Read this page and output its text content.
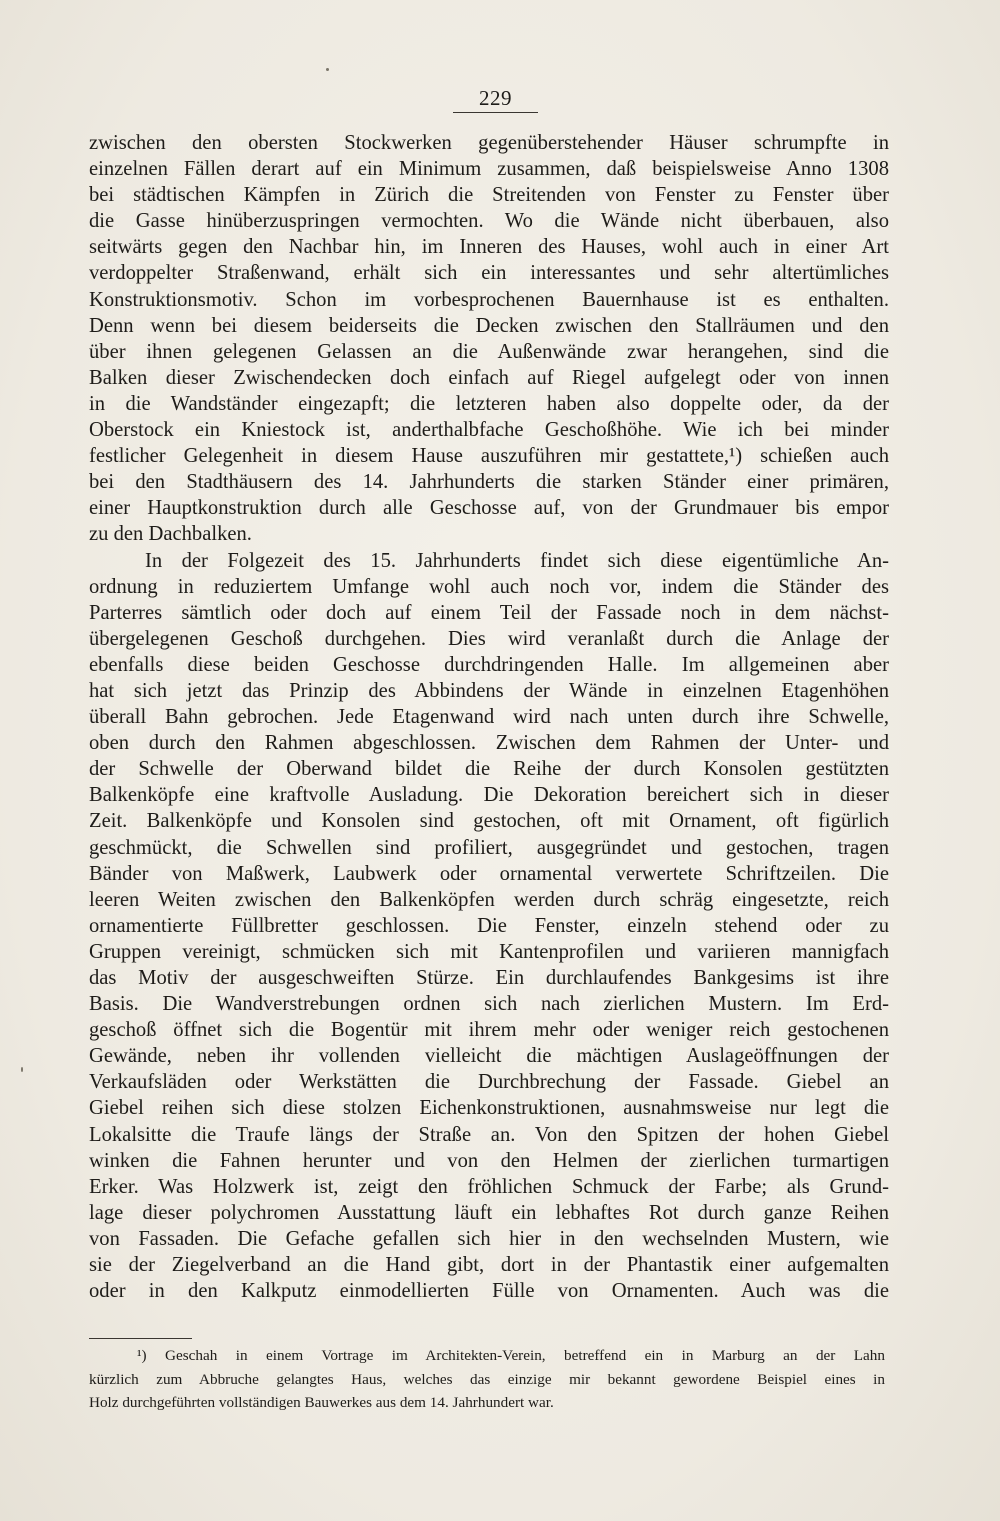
229
zwischen den obersten Stockwerken gegenüberstehender Häuser schrumpfte in
einzelnen Fällen derart auf ein Minimum zusammen, daß beispielsweise Anno 1308
bei städtischen Kämpfen in Zürich die Streitenden von Fenster zu Fenster über
die Gasse hinüberzuspringen vermochten. Wo die Wände nicht überbauen, also
seitwärts gegen den Nachbar hin, im Inneren des Hauses, wohl auch in einer Art
verdoppelter Straßenwand, erhält sich ein interessantes und sehr altertümliches
Konstruktionsmotiv. Schon im vorbesprochenen Bauernhause ist es enthalten.
Denn wenn bei diesem beiderseits die Decken zwischen den Stallräumen und den
über ihnen gelegenen Gelassen an die Außenwände zwar herangehen, sind die
Balken dieser Zwischendecken doch einfach auf Riegel aufgelegt oder von innen
in die Wandständer eingezapft; die letzteren haben also doppelte oder, da der
Oberstock ein Kniestock ist, anderthalbfache Geschoßhöhe. Wie ich bei minder
festlicher Gelegenheit in diesem Hause auszuführen mir gestattete,¹) schießen auch
bei den Stadthäusern des 14. Jahrhunderts die starken Ständer einer primären,
einer Hauptkonstruktion durch alle Geschosse auf, von der Grundmauer bis empor
zu den Dachbalken.
In der Folgezeit des 15. Jahrhunderts findet sich diese eigentümliche An-
ordnung in reduziertem Umfange wohl auch noch vor, indem die Ständer des
Parterres sämtlich oder doch auf einem Teil der Fassade noch in dem nächst-
übergelegenen Geschoß durchgehen. Dies wird veranlaßt durch die Anlage der
ebenfalls diese beiden Geschosse durchdringenden Halle. Im allgemeinen aber
hat sich jetzt das Prinzip des Abbindens der Wände in einzelnen Etagenhöhen
überall Bahn gebrochen. Jede Etagenwand wird nach unten durch ihre Schwelle,
oben durch den Rahmen abgeschlossen. Zwischen dem Rahmen der Unter- und
der Schwelle der Oberwand bildet die Reihe der durch Konsolen gestützten
Balkenköpfe eine kraftvolle Ausladung. Die Dekoration bereichert sich in dieser
Zeit. Balkenköpfe und Konsolen sind gestochen, oft mit Ornament, oft figürlich
geschmückt, die Schwellen sind profiliert, ausgegründet und gestochen, tragen
Bänder von Maßwerk, Laubwerk oder ornamental verwertete Schriftzeilen. Die
leeren Weiten zwischen den Balkenköpfen werden durch schräg eingesetzte, reich
ornamentierte Füllbretter geschlossen. Die Fenster, einzeln stehend oder zu
Gruppen vereinigt, schmücken sich mit Kantenprofilen und variieren mannigfach
das Motiv der ausgeschweiften Stürze. Ein durchlaufendes Bankgesims ist ihre
Basis. Die Wandverstrebungen ordnen sich nach zierlichen Mustern. Im Erd-
geschoß öffnet sich die Bogentür mit ihrem mehr oder weniger reich gestochenen
Gewände, neben ihr vollenden vielleicht die mächtigen Auslageöffnungen der
Verkaufsläden oder Werkstätten die Durchbrechung der Fassade. Giebel an
Giebel reihen sich diese stolzen Eichenkonstruktionen, ausnahmsweise nur legt die
Lokalsitte die Traufe längs der Straße an. Von den Spitzen der hohen Giebel
winken die Fahnen herunter und von den Helmen der zierlichen turmartigen
Erker. Was Holzwerk ist, zeigt den fröhlichen Schmuck der Farbe; als Grund-
lage dieser polychromen Ausstattung läuft ein lebhaftes Rot durch ganze Reihen
von Fassaden. Die Gefache gefallen sich hier in den wechselnden Mustern, wie
sie der Ziegelverband an die Hand gibt, dort in der Phantastik einer aufgemalten
oder in den Kalkputz einmodellierten Fülle von Ornamenten. Auch was die
¹) Geschah in einem Vortrage im Architekten-Verein, betreffend ein in Marburg an der Lahn
kürzlich zum Abbruche gelangtes Haus, welches das einzige mir bekannt gewordene Beispiel eines in
Holz durchgeführten vollständigen Bauwerkes aus dem 14. Jahrhundert war.
